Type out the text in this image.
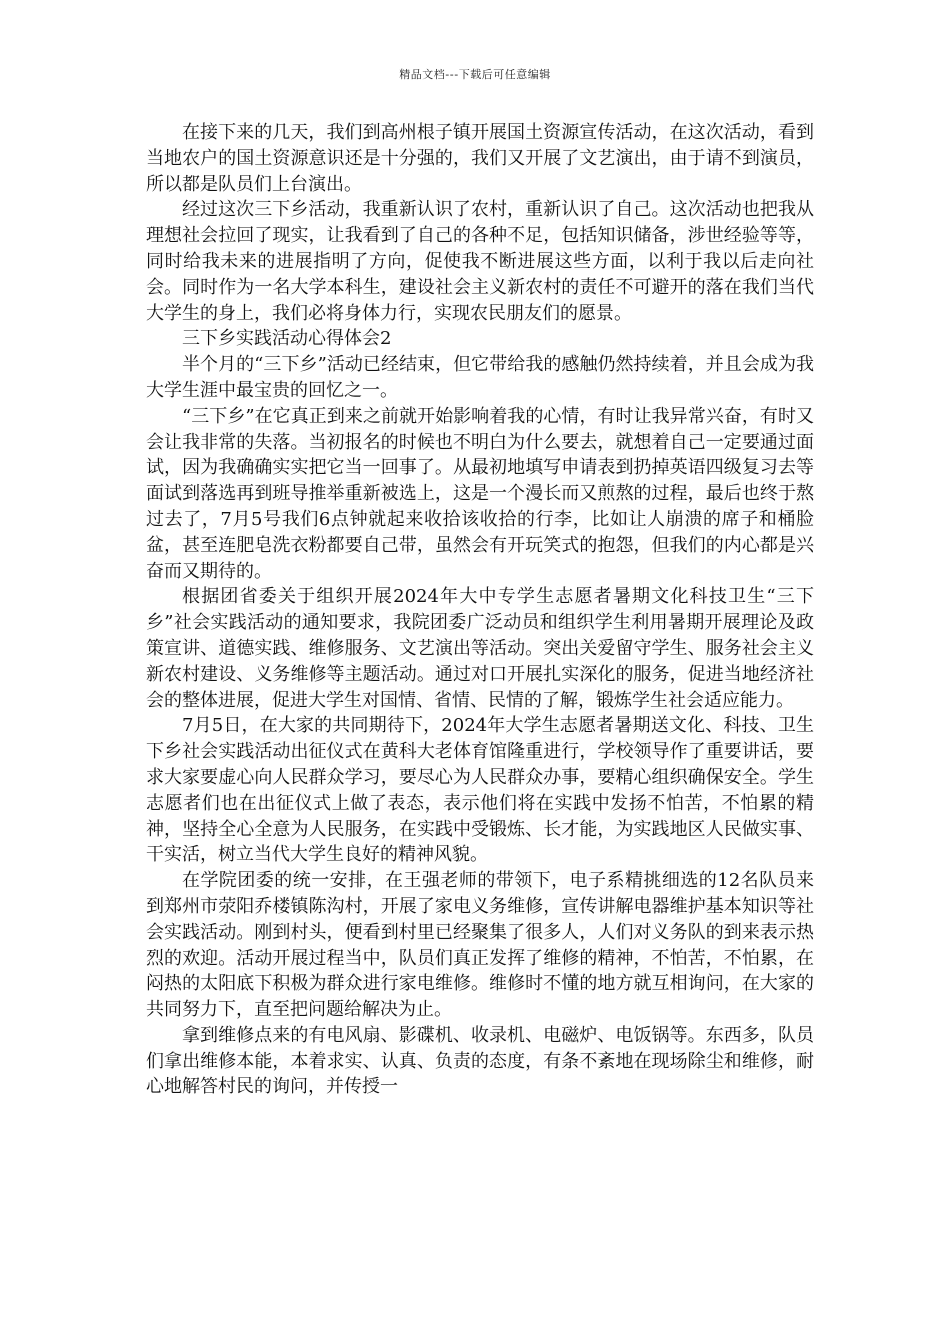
精品文档---下载后可任意编辑

在接下来的几天，我们到高州根子镇开展国土资源宣传活动，在这次活动，看到当地农户的国土资源意识还是十分强的，我们又开展了文艺演出，由于请不到演员，所以都是队员们上台演出。

经过这次三下乡活动，我重新认识了农村，重新认识了自己。这次活动也把我从理想社会拉回了现实，让我看到了自己的各种不足，包括知识储备，涉世经验等等，同时给我未来的进展指明了方向，促使我不断进展这些方面，以利于我以后走向社会。同时作为一名大学本科生，建设社会主义新农村的责任不可避开的落在我们当代大学生的身上，我们必将身体力行，实现农民朋友们的愿景。

三下乡实践活动心得体会2

半个月的“三下乡”活动已经结束，但它带给我的感触仍然持续着，并且会成为我大学生涯中最宝贵的回忆之一。

“三下乡”在它真正到来之前就开始影响着我的心情，有时让我异常兴奋，有时又会让我非常的失落。当初报名的时候也不明白为什么要去，就想着自己一定要通过面试，因为我确确实实把它当一回事了。从最初地填写申请表到扔掉英语四级复习去等面试到落选再到班导推举重新被选上，这是一个漫长而又煎熬的过程，最后也终于熬过去了，7月5号我们6点钟就起来收拾该收拾的行李，比如让人崩溃的席子和桶脸盆，甚至连肥皂洗衣粉都要自己带，虽然会有开玩笑式的抱怨，但我们的内心都是兴奋而又期待的。

根据团省委关于组织开展2024年大中专学生志愿者暑期文化科技卫生“三下乡”社会实践活动的通知要求，我院团委广泛动员和组织学生利用暑期开展理论及政策宣讲、道德实践、维修服务、文艺演出等活动。突出关爱留守学生、服务社会主义新农村建设、义务维修等主题活动。通过对口开展扎实深化的服务，促进当地经济社会的整体进展，促进大学生对国情、省情、民情的了解，锻炼学生社会适应能力。

7月5日，在大家的共同期待下，2024年大学生志愿者暑期送文化、科技、卫生下乡社会实践活动出征仪式在黄科大老体育馆隆重进行，学校领导作了重要讲话，要求大家要虚心向人民群众学习，要尽心为人民群众办事，要精心组织确保安全。学生志愿者们也在出征仪式上做了表态，表示他们将在实践中发扬不怕苦，不怕累的精神，坚持全心全意为人民服务，在实践中受锻炼、长才能，为实践地区人民做实事、干实活，树立当代大学生良好的精神风貌。

在学院团委的统一安排，在王强老师的带领下，电子系精挑细选的12名队员来到郑州市荥阳乔楼镇陈沟村，开展了家电义务维修，宣传讲解电器维护基本知识等社会实践活动。刚到村头，便看到村里已经聚集了很多人，人们对义务队的到来表示热烈的欢迎。活动开展过程当中，队员们真正发挥了维修的精神，不怕苦，不怕累，在闷热的太阳底下积极为群众进行家电维修。维修时不懂的地方就互相询问，在大家的共同努力下，直至把问题给解决为止。

拿到维修点来的有电风扇、影碟机、收录机、电磁炉、电饭锅等。东西多，队员们拿出维修本能，本着求实、认真、负责的态度，有条不紊地在现场除尘和维修，耐心地解答村民的询问，并传授一
